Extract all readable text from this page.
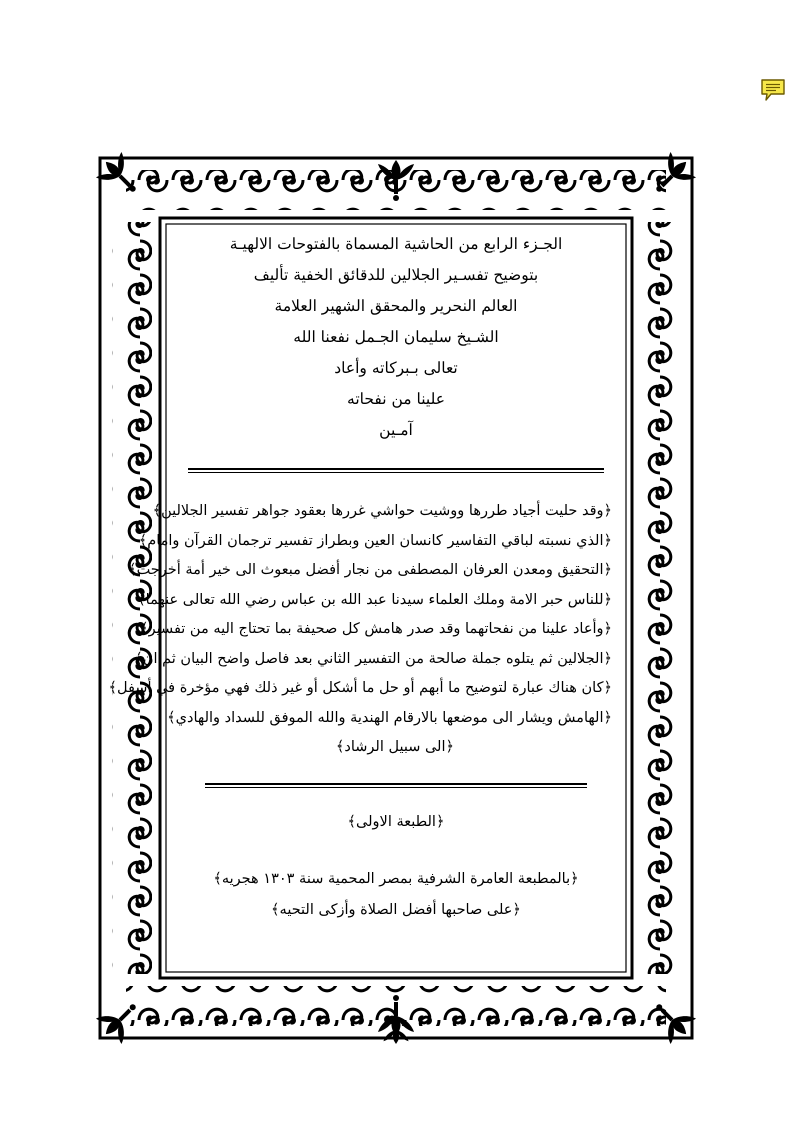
الجـزء الرابع من الحاشية المسماة بالفتوحات الالهيـة

بتوضيح تفسـير الجلالين للدقائق الخفية تأليف

العالم النحرير والمحقق الشهير العلامة

الشـيخ سليمان الجـمل نفعنا الله

تعالى بـبركاته وأعاد

علينا من نفحاته

آمـين

﴿وقد حليت أجياد طررها ووشيت حواشي غررها بعقود جواهر تفسير الجلالين﴾

﴿الذي نسبته لباقي التفاسير كانسان العين وبطراز تفسير ترجمان القرآن وامام﴾

﴿التحقيق ومعدن العرفان المصطفى من نجار أفضل مبعوث الى خير أمة أخرجت﴾

﴿للناس حبر الامة وملك العلماء سيدنا عبد الله بن عباس رضي الله تعالى عنهما﴾

﴿وأعاد علينا من نفحاتهما وقد صدر هامش كل صحيفة بما تحتاج اليه من تفسير﴾

﴿الجلالين ثم يتلوه جملة صالحة من التفسير الثاني بعد فاصل واضح البيان ثم ان﴾

﴿كان هناك عبارة لتوضيح ما أبهم أو حل ما أشكل أو غير ذلك فهي مؤخرة في أسفل﴾

﴿الهامش ويشار الى موضعها بالارقام الهندية والله الموفق للسداد والهادي﴾

﴿الى سبيل الرشاد﴾

﴿الطبعة الاولى﴾

﴿بالمطبعة العامرة الشرفية بمصر المحمية سنة ١٣٠٣ هجريه﴾

﴿على صاحبها أفضل الصلاة وأزكى التحيه﴾
